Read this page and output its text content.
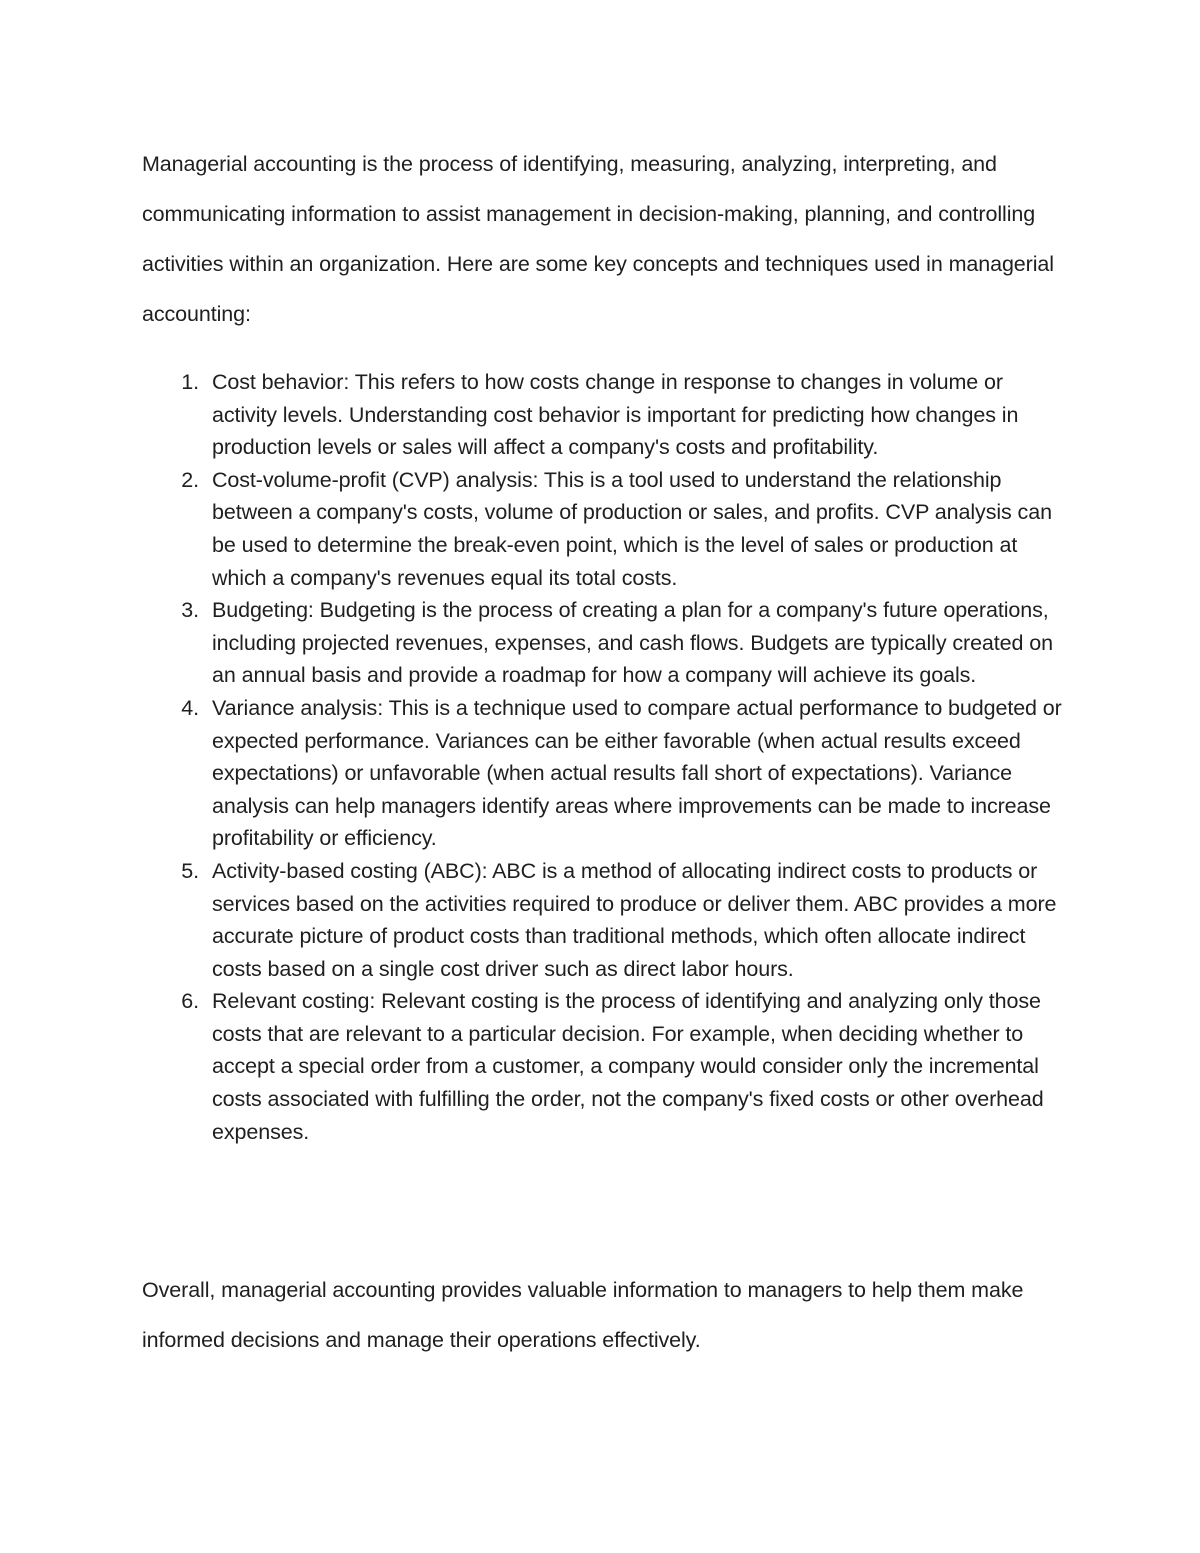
Managerial accounting is the process of identifying, measuring, analyzing, interpreting, and communicating information to assist management in decision-making, planning, and controlling activities within an organization. Here are some key concepts and techniques used in managerial accounting:

1. Cost behavior: This refers to how costs change in response to changes in volume or activity levels. Understanding cost behavior is important for predicting how changes in production levels or sales will affect a company's costs and profitability.
2. Cost-volume-profit (CVP) analysis: This is a tool used to understand the relationship between a company's costs, volume of production or sales, and profits. CVP analysis can be used to determine the break-even point, which is the level of sales or production at which a company's revenues equal its total costs.
3. Budgeting: Budgeting is the process of creating a plan for a company's future operations, including projected revenues, expenses, and cash flows. Budgets are typically created on an annual basis and provide a roadmap for how a company will achieve its goals.
4. Variance analysis: This is a technique used to compare actual performance to budgeted or expected performance. Variances can be either favorable (when actual results exceed expectations) or unfavorable (when actual results fall short of expectations). Variance analysis can help managers identify areas where improvements can be made to increase profitability or efficiency.
5. Activity-based costing (ABC): ABC is a method of allocating indirect costs to products or services based on the activities required to produce or deliver them. ABC provides a more accurate picture of product costs than traditional methods, which often allocate indirect costs based on a single cost driver such as direct labor hours.
6. Relevant costing: Relevant costing is the process of identifying and analyzing only those costs that are relevant to a particular decision. For example, when deciding whether to accept a special order from a customer, a company would consider only the incremental costs associated with fulfilling the order, not the company's fixed costs or other overhead expenses.

Overall, managerial accounting provides valuable information to managers to help them make informed decisions and manage their operations effectively.
